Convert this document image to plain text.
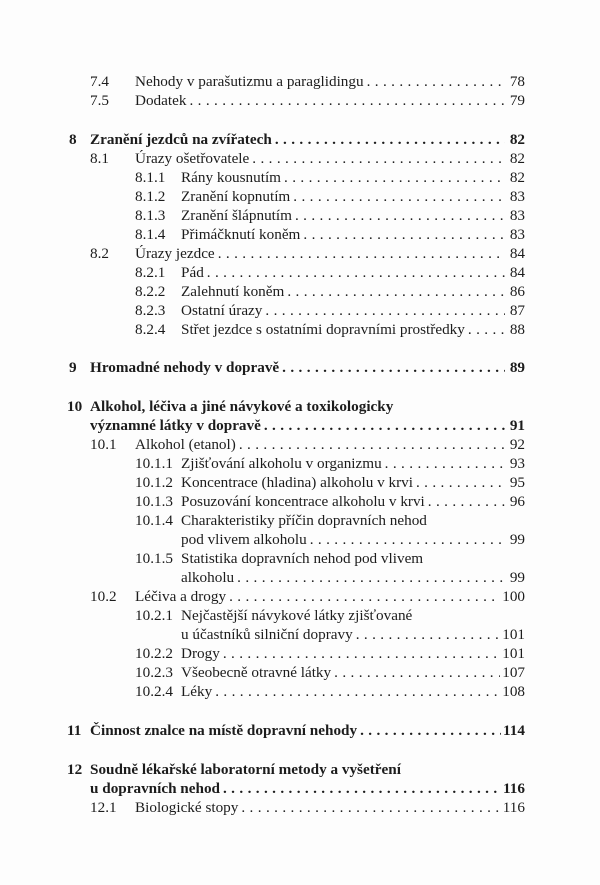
7.4 Nehody v parašutizmu a paraglidingu . . .	78
7.5 Dodatek . . .	79
8 Zranění jezdců na zvířatech . . .	82
8.1 Úrazy ošetřovatele . . .	82
8.1.1 Rány kousnutím . . .	82
8.1.2 Zranění kopnutím . . .	83
8.1.3 Zranění šlápnutím . . .	83
8.1.4 Přimáčknutí koněm . . .	83
8.2 Úrazy jezdce . . .	84
8.2.1 Pád . . .	84
8.2.2 Zalehnutí koněm . . .	86
8.2.3 Ostatní úrazy . . .	87
8.2.4 Střet jezdce s ostatními dopravními prostředky . . .	88
9 Hromadné nehody v dopravě . . .	89
10 Alkohol, léčiva a jiné návykové a toxikologicky
významné látky v dopravě . . .	91
10.1 Alkohol (etanol) . . .	92
10.1.1 Zjišťování alkoholu v organizmu . . .	93
10.1.2 Koncentrace (hladina) alkoholu v krvi . . .	95
10.1.3 Posuzování koncentrace alkoholu v krvi . . .	96
10.1.4 Charakteristiky příčin dopravních nehod
pod vlivem alkoholu . . .	99
10.1.5 Statistika dopravních nehod pod vlivem
alkoholu . . .	99
10.2 Léčiva a drogy . . .	100
10.2.1 Nejčastější návykové látky zjišťované
u účastníků silniční dopravy . . .	101
10.2.2 Drogy . . .	101
10.2.3 Všeobecně otravné látky . . .	107
10.2.4 Léky . . .	108
11 Činnost znalce na místě dopravní nehody . . .	114
12 Soudně lékařské laboratorní metody a vyšetření
u dopravních nehod . . .	116
12.1 Biologické stopy . . .	116
